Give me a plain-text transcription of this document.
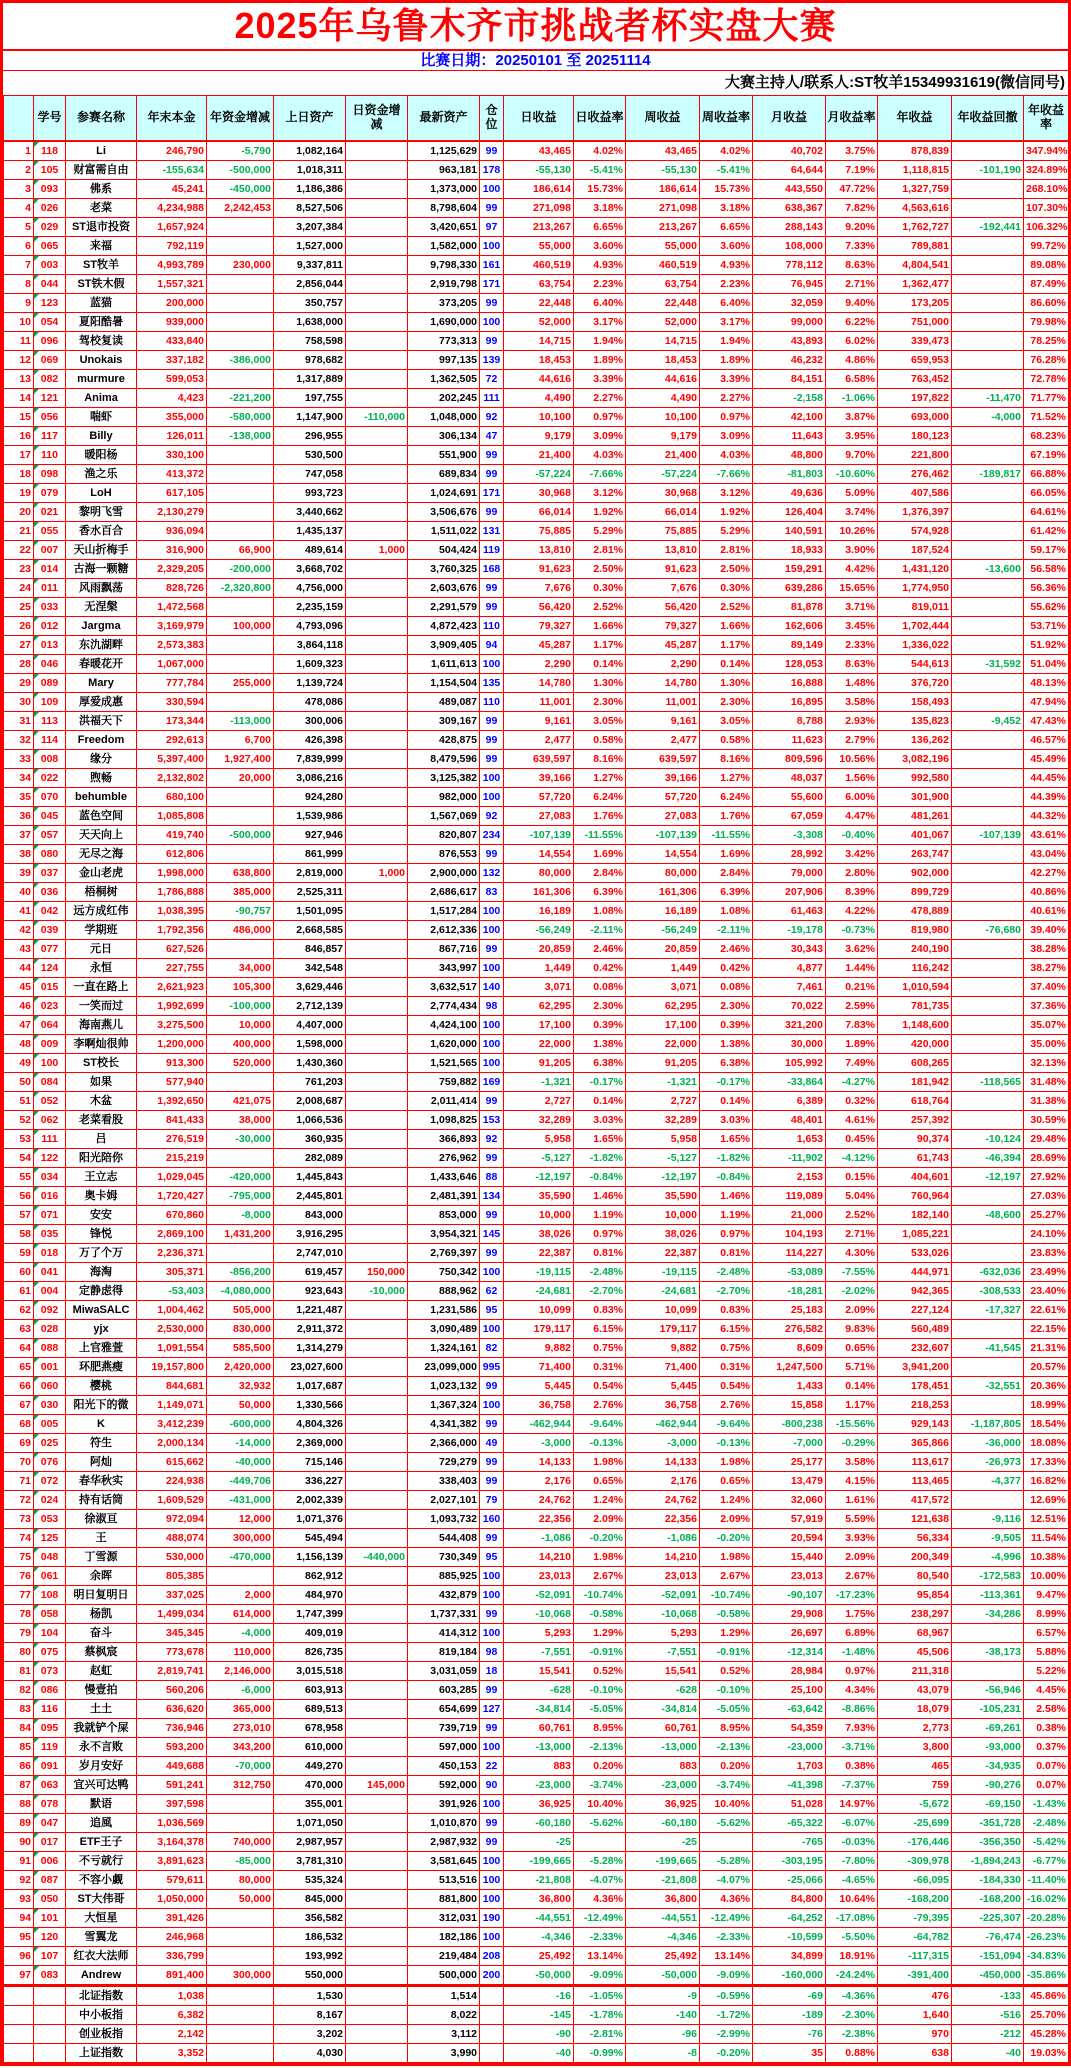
2025年乌鲁木齐市挑战者杯实盘大赛
比赛日期：20250101 至 20251114
大赛主持人/联系人:ST牧羊15349931619(微信同号)
	学号	参赛名称	年末本金	年资金增减	上日资产	日资金增减	最新资产	仓位	日收益	日收益率	周收益	周收益率	月收益	月收益率	年收益	年收益回撤	年收益率
1	118	Li	246,790	-5,790	1,082,164		1,125,629	99	43,465	4.02%	43,465	4.02%	40,702	3.75%	878,839		347.94%
2	105	财富需自由	-155,634	-500,000	1,018,311		963,181	178	-55,130	-5.41%	-55,130	-5.41%	64,644	7.19%	1,118,815	-101,190	324.89%
3	093	佛系	45,241	-450,000	1,186,386		1,373,000	100	186,614	15.73%	186,614	15.73%	443,550	47.72%	1,327,759		268.10%
4	026	老菜	4,234,988	2,242,453	8,527,506		8,798,604	99	271,098	3.18%	271,098	3.18%	638,367	7.82%	4,563,616		107.30%
5	029	ST退市投资	1,657,924		3,207,384		3,420,651	97	213,267	6.65%	213,267	6.65%	288,143	9.20%	1,762,727	-192,441	106.32%
6	065	来福	792,119		1,527,000		1,582,000	100	55,000	3.60%	55,000	3.60%	108,000	7.33%	789,881		99.72%
7	003	ST牧羊	4,993,789	230,000	9,337,811		9,798,330	161	460,519	4.93%	460,519	4.93%	778,112	8.63%	4,804,541		89.08%
8	044	ST铁木假	1,557,321		2,856,044		2,919,798	171	63,754	2.23%	63,754	2.23%	76,945	2.71%	1,362,477		87.49%
9	123	蓝猫	200,000		350,757		373,205	99	22,448	6.40%	22,448	6.40%	32,059	9.40%	173,205		86.60%
10	054	夏阳酷暑	939,000		1,638,000		1,690,000	100	52,000	3.17%	52,000	3.17%	99,000	6.22%	751,000		79.98%
11	096	驾校复读	433,840		758,598		773,313	99	14,715	1.94%	14,715	1.94%	43,893	6.02%	339,473		78.25%
12	069	Unokais	337,182	-386,000	978,682		997,135	139	18,453	1.89%	18,453	1.89%	46,232	4.86%	659,953		76.28%
13	082	murmure	599,053		1,317,889		1,362,505	72	44,616	3.39%	44,616	3.39%	84,151	6.58%	763,452		72.78%
14	121	Anima	4,423	-221,200	197,755		202,245	111	4,490	2.27%	4,490	2.27%	-2,158	-1.06%	197,822	-11,470	71.77%
15	056	喘虾	355,000	-580,000	1,147,900	-110,000	1,048,000	92	10,100	0.97%	10,100	0.97%	42,100	3.87%	693,000	-4,000	71.52%
16	117	Billy	126,011	-138,000	296,955		306,134	47	9,179	3.09%	9,179	3.09%	11,643	3.95%	180,123		68.23%
17	110	暖阳杨	330,100		530,500		551,900	99	21,400	4.03%	21,400	4.03%	48,800	9.70%	221,800		67.19%
18	098	渔之乐	413,372		747,058		689,834	99	-57,224	-7.66%	-57,224	-7.66%	-81,803	-10.60%	276,462	-189,817	66.88%
19	079	LoH	617,105		993,723		1,024,691	171	30,968	3.12%	30,968	3.12%	49,636	5.09%	407,586		66.05%
20	021	黎明飞雪	2,130,279		3,440,662		3,506,676	99	66,014	1.92%	66,014	1.92%	126,404	3.74%	1,376,397		64.61%
21	055	香水百合	936,094		1,435,137		1,511,022	131	75,885	5.29%	75,885	5.29%	140,591	10.26%	574,928		61.42%
22	007	天山折梅手	316,900	66,900	489,614	1,000	504,424	119	13,810	2.81%	13,810	2.81%	18,933	3.90%	187,524		59.17%
23	014	古海一颗糖	2,329,205	-200,000	3,668,702		3,760,325	168	91,623	2.50%	91,623	2.50%	159,291	4.42%	1,431,120	-13,600	56.58%
24	011	风雨飘荡	828,726	-2,320,800	4,756,000		2,603,676	99	7,676	0.30%	7,676	0.30%	639,286	15.65%	1,774,950		56.36%
25	033	无涅槃	1,472,568		2,235,159		2,291,579	99	56,420	2.52%	56,420	2.52%	81,878	3.71%	819,011		55.62%
26	012	Jargma	3,169,979	100,000	4,793,096		4,872,423	110	79,327	1.66%	79,327	1.66%	162,606	3.45%	1,702,444		53.71%
27	013	东氿湖畔	2,573,383		3,864,118		3,909,405	94	45,287	1.17%	45,287	1.17%	89,149	2.33%	1,336,022		51.92%
28	046	春暖花开	1,067,000		1,609,323		1,611,613	100	2,290	0.14%	2,290	0.14%	128,053	8.63%	544,613	-31,592	51.04%
29	089	Mary	777,784	255,000	1,139,724		1,154,504	135	14,780	1.30%	14,780	1.30%	16,888	1.48%	376,720		48.13%
30	109	厚爱成惠	330,594		478,086		489,087	110	11,001	2.30%	11,001	2.30%	16,895	3.58%	158,493		47.94%
31	113	洪福天下	173,344	-113,000	300,006		309,167	99	9,161	3.05%	9,161	3.05%	8,788	2.93%	135,823	-9,452	47.43%
32	114	Freedom	292,613	6,700	426,398		428,875	99	2,477	0.58%	2,477	0.58%	11,623	2.79%	136,262		46.57%
33	008	缘分	5,397,400	1,927,400	7,839,999		8,479,596	99	639,597	8.16%	639,597	8.16%	809,596	10.56%	3,082,196		45.49%
34	022	煦畅	2,132,802	20,000	3,086,216		3,125,382	100	39,166	1.27%	39,166	1.27%	48,037	1.56%	992,580		44.45%
35	070	behumble	680,100		924,280		982,000	100	57,720	6.24%	57,720	6.24%	55,600	6.00%	301,900		44.39%
36	045	蓝色空间	1,085,808		1,539,986		1,567,069	92	27,083	1.76%	27,083	1.76%	67,059	4.47%	481,261		44.32%
37	057	天天向上	419,740	-500,000	927,946		820,807	234	-107,139	-11.55%	-107,139	-11.55%	-3,308	-0.40%	401,067	-107,139	43.61%
38	080	无尽之海	612,806		861,999		876,553	99	14,554	1.69%	14,554	1.69%	28,992	3.42%	263,747		43.04%
39	037	金山老虎	1,998,000	638,800	2,819,000	1,000	2,900,000	132	80,000	2.84%	80,000	2.84%	79,000	2.80%	902,000		42.27%
40	036	梧桐树	1,786,888	385,000	2,525,311		2,686,617	83	161,306	6.39%	161,306	6.39%	207,906	8.39%	899,729		40.86%
41	042	远方成红伟	1,038,395	-90,757	1,501,095		1,517,284	100	16,189	1.08%	16,189	1.08%	61,463	4.22%	478,889		40.61%
42	039	学期班	1,792,356	486,000	2,668,585		2,612,336	100	-56,249	-2.11%	-56,249	-2.11%	-19,178	-0.73%	819,980	-76,680	39.40%
43	077	元日	627,526		846,857		867,716	99	20,859	2.46%	20,859	2.46%	30,343	3.62%	240,190		38.28%
44	124	永恒	227,755	34,000	342,548		343,997	100	1,449	0.42%	1,449	0.42%	4,877	1.44%	116,242		38.27%
45	015	一直在路上	2,621,923	105,300	3,629,446		3,632,517	140	3,071	0.08%	3,071	0.08%	7,461	0.21%	1,010,594		37.40%
46	023	一笑而过	1,992,699	-100,000	2,712,139		2,774,434	98	62,295	2.30%	62,295	2.30%	70,022	2.59%	781,735		37.36%
47	064	海南燕儿	3,275,500	10,000	4,407,000		4,424,100	100	17,100	0.39%	17,100	0.39%	321,200	7.83%	1,148,600		35.07%
48	009	李啊灿很帅	1,200,000	400,000	1,598,000		1,620,000	100	22,000	1.38%	22,000	1.38%	30,000	1.89%	420,000		35.00%
49	100	ST校长	913,300	520,000	1,430,360		1,521,565	100	91,205	6.38%	91,205	6.38%	105,992	7.49%	608,265		32.13%
50	084	如果	577,940		761,203		759,882	169	-1,321	-0.17%	-1,321	-0.17%	-33,864	-4.27%	181,942	-118,565	31.48%
51	052	木盆	1,392,650	421,075	2,008,687		2,011,414	99	2,727	0.14%	2,727	0.14%	6,389	0.32%	618,764		31.38%
52	062	老菜看股	841,433	38,000	1,066,536		1,098,825	153	32,289	3.03%	32,289	3.03%	48,401	4.61%	257,392		30.59%
53	111	吕	276,519	-30,000	360,935		366,893	92	5,958	1.65%	5,958	1.65%	1,653	0.45%	90,374	-10,124	29.48%
54	122	阳光陪你	215,219		282,089		276,962	99	-5,127	-1.82%	-5,127	-1.82%	-11,902	-4.12%	61,743	-46,394	28.69%
55	034	王立志	1,029,045	-420,000	1,445,843		1,433,646	88	-12,197	-0.84%	-12,197	-0.84%	2,153	0.15%	404,601	-12,197	27.92%
56	016	奥卡姆	1,720,427	-795,000	2,445,801		2,481,391	134	35,590	1.46%	35,590	1.46%	119,089	5.04%	760,964		27.03%
57	071	安安	670,860	-8,000	843,000		853,000	99	10,000	1.19%	10,000	1.19%	21,000	2.52%	182,140	-48,600	25.27%
58	035	锋悦	2,869,100	1,431,200	3,916,295		3,954,321	145	38,026	0.97%	38,026	0.97%	104,193	2.71%	1,085,221		24.10%
59	018	万了个万	2,236,371		2,747,010		2,769,397	99	22,387	0.81%	22,387	0.81%	114,227	4.30%	533,026		23.83%
60	041	海淘	305,371	-856,200	619,457	150,000	750,342	100	-19,115	-2.48%	-19,115	-2.48%	-53,089	-7.55%	444,971	-632,036	23.49%
61	004	定静虑得	-53,403	-4,080,000	923,643	-10,000	888,962	62	-24,681	-2.70%	-24,681	-2.70%	-18,281	-2.02%	942,365	-308,533	23.40%
62	092	MiwaSALC	1,004,462	505,000	1,221,487		1,231,586	95	10,099	0.83%	10,099	0.83%	25,183	2.09%	227,124	-17,327	22.61%
63	028	yjx	2,530,000	830,000	2,911,372		3,090,489	100	179,117	6.15%	179,117	6.15%	276,582	9.83%	560,489		22.15%
64	088	上官雅萱	1,091,554	585,500	1,314,279		1,324,161	82	9,882	0.75%	9,882	0.75%	8,609	0.65%	232,607	-41,545	21.31%
65	001	环肥燕瘦	19,157,800	2,420,000	23,027,600		23,099,000	995	71,400	0.31%	71,400	0.31%	1,247,500	5.71%	3,941,200		20.57%
66	060	樱桃	844,681	32,932	1,017,687		1,023,132	99	5,445	0.54%	5,445	0.54%	1,433	0.14%	178,451	-32,551	20.36%
67	030	阳光下的微	1,149,071	50,000	1,330,566		1,367,324	100	36,758	2.76%	36,758	2.76%	15,858	1.17%	218,253		18.99%
68	005	K	3,412,239	-600,000	4,804,326		4,341,382	99	-462,944	-9.64%	-462,944	-9.64%	-800,238	-15.56%	929,143	-1,187,805	18.54%
69	025	符生	2,000,134	-14,000	2,369,000		2,366,000	49	-3,000	-0.13%	-3,000	-0.13%	-7,000	-0.29%	365,866	-36,000	18.08%
70	076	阿灿	615,662	-40,000	715,146		729,279	99	14,133	1.98%	14,133	1.98%	25,177	3.58%	113,617	-26,973	17.33%
71	072	春华秋实	224,938	-449,706	336,227		338,403	99	2,176	0.65%	2,176	0.65%	13,479	4.15%	113,465	-4,377	16.82%
72	024	持有话筒	1,609,529	-431,000	2,002,339		2,027,101	79	24,762	1.24%	24,762	1.24%	32,060	1.61%	417,572		12.69%
73	053	徐淑亘	972,094	12,000	1,071,376		1,093,732	160	22,356	2.09%	22,356	2.09%	57,919	5.59%	121,638	-9,116	12.51%
74	125	王	488,074	300,000	545,494		544,408	99	-1,086	-0.20%	-1,086	-0.20%	20,594	3.93%	56,334	-9,505	11.54%
75	048	丁雪源	530,000	-470,000	1,156,139	-440,000	730,349	95	14,210	1.98%	14,210	1.98%	15,440	2.09%	200,349	-4,996	10.38%
76	061	余晖	805,385		862,912		885,925	100	23,013	2.67%	23,013	2.67%	23,013	2.67%	80,540	-172,583	10.00%
77	108	明日复明日	337,025	2,000	484,970		432,879	100	-52,091	-10.74%	-52,091	-10.74%	-90,107	-17.23%	95,854	-113,361	9.47%
78	058	杨凯	1,499,034	614,000	1,747,399		1,737,331	99	-10,068	-0.58%	-10,068	-0.58%	29,908	1.75%	238,297	-34,286	8.99%
79	104	奋斗	345,345	-4,000	409,019		414,312	100	5,293	1.29%	5,293	1.29%	26,697	6.89%	68,967		6.57%
80	075	蔡枫宸	773,678	110,000	826,735		819,184	98	-7,551	-0.91%	-7,551	-0.91%	-12,314	-1.48%	45,506	-38,173	5.88%
81	073	赵虹	2,819,741	2,146,000	3,015,518		3,031,059	18	15,541	0.52%	15,541	0.52%	28,984	0.97%	211,318		5.22%
82	086	慢壹拍	560,206	-6,000	603,913		603,285	99	-628	-0.10%	-628	-0.10%	25,100	4.34%	43,079	-56,946	4.45%
83	116	土土	636,620	365,000	689,513		654,699	127	-34,814	-5.05%	-34,814	-5.05%	-63,642	-8.86%	18,079	-105,231	2.58%
84	095	我就铲个屎	736,946	273,010	678,958		739,719	99	60,761	8.95%	60,761	8.95%	54,359	7.93%	2,773	-69,261	0.38%
85	119	永不言败	593,200	343,200	610,000		597,000	100	-13,000	-2.13%	-13,000	-2.13%	-23,000	-3.71%	3,800	-93,000	0.37%
86	091	岁月安好	449,688	-70,000	449,270		450,153	22	883	0.20%	883	0.20%	1,703	0.38%	465	-34,935	0.07%
87	063	宜兴可达鸭	591,241	312,750	470,000	145,000	592,000	90	-23,000	-3.74%	-23,000	-3.74%	-41,398	-7.37%	759	-90,276	0.07%
88	078	默语	397,598		355,001		391,926	100	36,925	10.40%	36,925	10.40%	51,028	14.97%	-5,672	-69,150	-1.43%
89	047	追風	1,036,569		1,071,050		1,010,870	99	-60,180	-5.62%	-60,180	-5.62%	-65,322	-6.07%	-25,699	-351,728	-2.48%
90	017	ETF王子	3,164,378	740,000	2,987,957		2,987,932	99	-25		-25		-765	-0.03%	-176,446	-356,350	-5.42%
91	006	不亏就行	3,891,623	-85,000	3,781,310		3,581,645	100	-199,665	-5.28%	-199,665	-5.28%	-303,195	-7.80%	-309,978	-1,894,243	-6.77%
92	087	不容小觑	579,611	80,000	535,324		513,516	100	-21,808	-4.07%	-21,808	-4.07%	-25,066	-4.65%	-66,095	-184,330	-11.40%
93	050	ST大伟哥	1,050,000	50,000	845,000		881,800	100	36,800	4.36%	36,800	4.36%	84,800	10.64%	-168,200	-168,200	-16.02%
94	101	大恒星	391,426		356,582		312,031	190	-44,551	-12.49%	-44,551	-12.49%	-64,252	-17.08%	-79,395	-225,307	-20.28%
95	120	雪翼龙	246,968		186,532		182,186	100	-4,346	-2.33%	-4,346	-2.33%	-10,599	-5.50%	-64,782	-76,474	-26.23%
96	107	红衣大法师	336,799		193,992		219,484	208	25,492	13.14%	25,492	13.14%	34,899	18.91%	-117,315	-151,094	-34.83%
97	083	Andrew	891,400	300,000	550,000		500,000	200	-50,000	-9.09%	-50,000	-9.09%	-160,000	-24.24%	-391,400	-450,000	-35.86%
		北证指数	1,038		1,530		1,514		-16	-1.05%	-9	-0.59%	-69	-4.36%	476	-133	45.86%
		中小板指	6,382		8,167		8,022		-145	-1.78%	-140	-1.72%	-189	-2.30%	1,640	-516	25.70%
		创业板指	2,142		3,202		3,112		-90	-2.81%	-96	-2.99%	-76	-2.38%	970	-212	45.28%
		上证指数	3,352		4,030		3,990		-40	-0.99%	-8	-0.20%	35	0.88%	638	-40	19.03%
